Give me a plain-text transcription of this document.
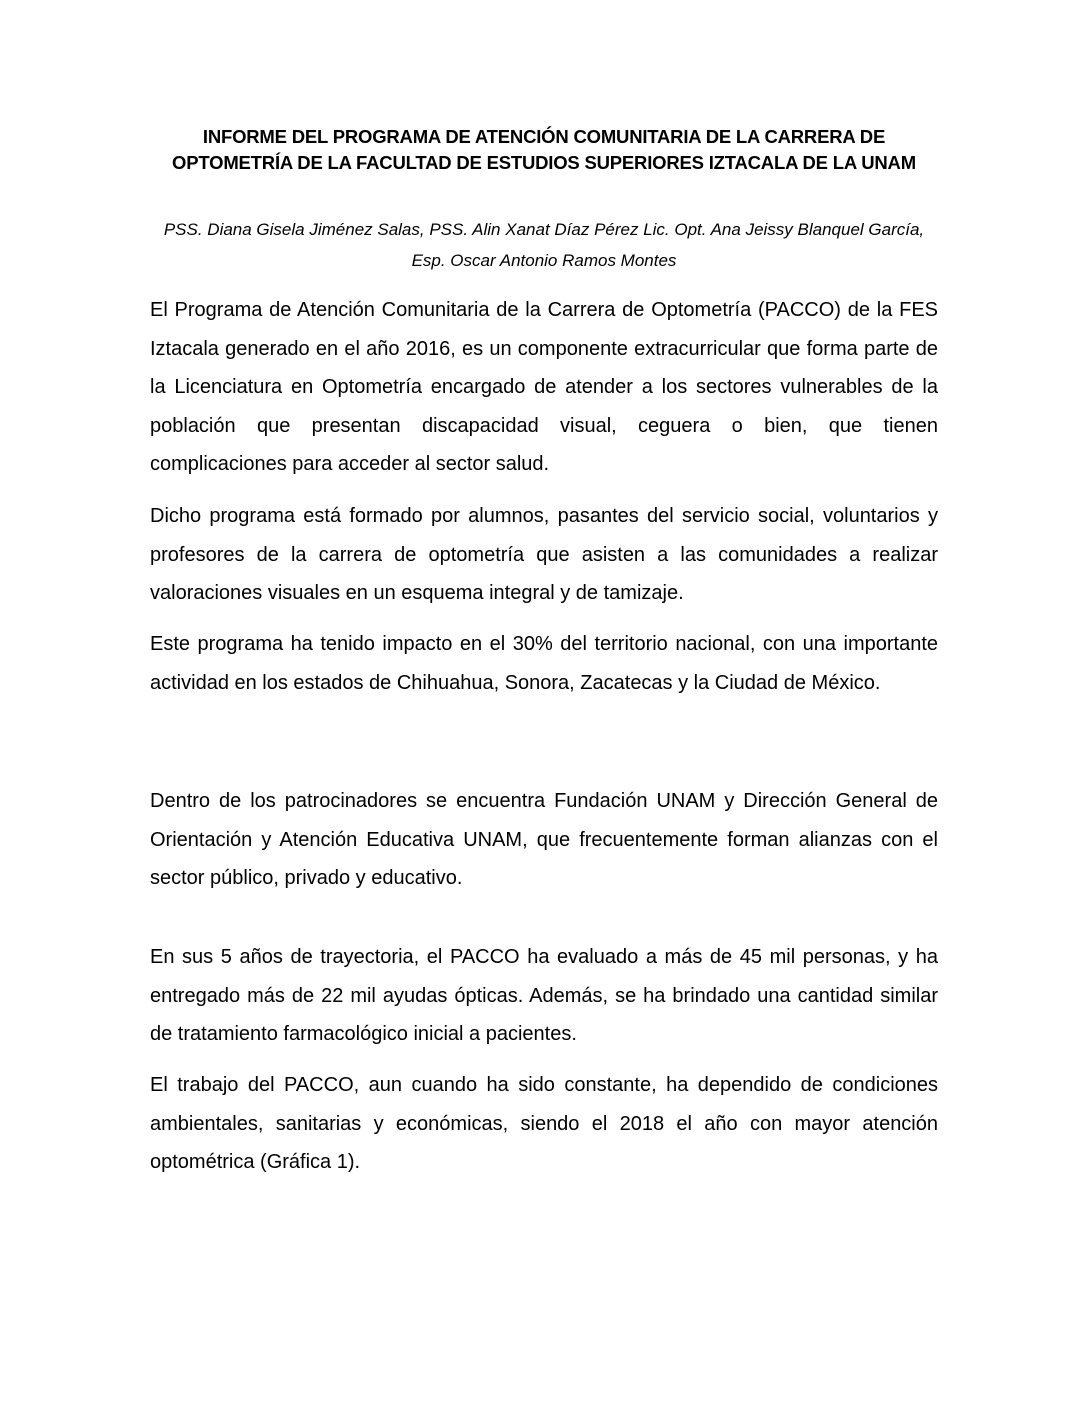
INFORME DEL PROGRAMA DE ATENCIÓN COMUNITARIA DE LA CARRERA DE OPTOMETRÍA DE LA FACULTAD DE ESTUDIOS SUPERIORES IZTACALA DE LA UNAM
PSS. Diana Gisela Jiménez Salas, PSS. Alin Xanat Díaz Pérez Lic. Opt. Ana Jeissy Blanquel García, Esp. Oscar Antonio Ramos Montes

El Programa de Atención Comunitaria de la Carrera de Optometría (PACCO) de la FES Iztacala generado en el año 2016, es un componente extracurricular que forma parte de la Licenciatura en Optometría encargado de atender a los sectores vulnerables de la población que presentan discapacidad visual, ceguera o bien, que tienen complicaciones para acceder al sector salud.

Dicho programa está formado por alumnos, pasantes del servicio social, voluntarios y profesores de la carrera de optometría que asisten a las comunidades a realizar valoraciones visuales en un esquema integral y de tamizaje.

Este programa ha tenido impacto en el 30% del territorio nacional, con una importante actividad en los estados de Chihuahua, Sonora, Zacatecas y la Ciudad de México.

Dentro de los patrocinadores se encuentra Fundación UNAM y Dirección General de Orientación y Atención Educativa UNAM, que frecuentemente forman alianzas con el sector público, privado y educativo.

En sus 5 años de trayectoria, el PACCO ha evaluado a más de 45 mil personas, y ha entregado más de 22 mil ayudas ópticas. Además, se ha brindado una cantidad similar de tratamiento farmacológico inicial a pacientes.

El trabajo del PACCO, aun cuando ha sido constante, ha dependido de condiciones ambientales, sanitarias y económicas, siendo el 2018 el año con mayor atención optométrica (Gráfica 1).
